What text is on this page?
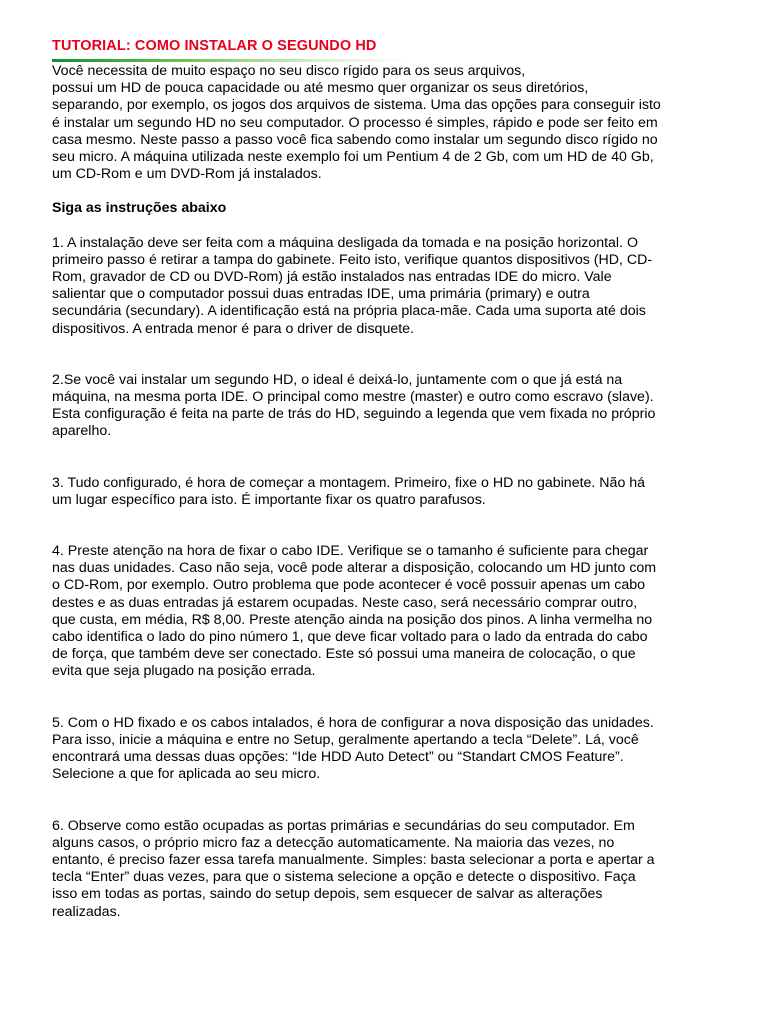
TUTORIAL: COMO INSTALAR O SEGUNDO HD

Você necessita de muito espaço no seu disco rígido para os seus arquivos,
possui um HD de pouca capacidade ou até mesmo quer organizar os seus diretórios,
separando, por exemplo, os jogos dos arquivos de sistema. Uma das opções para conseguir isto
é instalar um segundo HD no seu computador. O processo é simples, rápido e pode ser feito em
casa mesmo. Neste passo a passo você fica sabendo como instalar um segundo disco rígido no
seu micro. A máquina utilizada neste exemplo foi um Pentium 4 de 2 Gb, com um HD de 40 Gb,
um CD-Rom e um DVD-Rom já instalados.

Siga as instruções abaixo

1. A instalação deve ser feita com a máquina desligada da tomada e na posição horizontal. O
primeiro passo é retirar a tampa do gabinete. Feito isto, verifique quantos dispositivos (HD, CD-
Rom, gravador de CD ou DVD-Rom) já estão instalados nas entradas IDE do micro. Vale
salientar que o computador possui duas entradas IDE, uma primária (primary) e outra
secundária (secundary). A identificação está na própria placa-mãe. Cada uma suporta até dois
dispositivos. A entrada menor é para o driver de disquete.

2.Se você vai instalar um segundo HD, o ideal é deixá-lo, juntamente com o que já está na
máquina, na mesma porta IDE. O principal como mestre (master) e outro como escravo (slave).
Esta configuração é feita na parte de trás do HD, seguindo a legenda que vem fixada no próprio
aparelho.

3. Tudo configurado, é hora de começar a montagem. Primeiro, fixe o HD no gabinete. Não há
um lugar específico para isto. É importante fixar os quatro parafusos.

4. Preste atenção na hora de fixar o cabo IDE. Verifique se o tamanho é suficiente para chegar
nas duas unidades. Caso não seja, você pode alterar a disposição, colocando um HD junto com
o CD-Rom, por exemplo. Outro problema que pode acontecer é você possuir apenas um cabo
destes e as duas entradas já estarem ocupadas. Neste caso, será necessário comprar outro,
que custa, em média, R$ 8,00. Preste atenção ainda na posição dos pinos. A linha vermelha no
cabo identifica o lado do pino número 1, que deve ficar voltado para o lado da entrada do cabo
de força, que também deve ser conectado. Este só possui uma maneira de colocação, o que
evita que seja plugado na posição errada.

5. Com o HD fixado e os cabos intalados, é hora de configurar a nova disposição das unidades.
Para isso, inicie a máquina e entre no Setup, geralmente apertando a tecla “Delete”. Lá, você
encontrará uma dessas duas opções: “Ide HDD Auto Detect” ou “Standart CMOS Feature”.
Selecione a que for aplicada ao seu micro.

6. Observe como estão ocupadas as portas primárias e secundárias do seu computador. Em
alguns casos, o próprio micro faz a detecção automaticamente. Na maioria das vezes, no
entanto, é preciso fazer essa tarefa manualmente. Simples: basta selecionar a porta e apertar a
tecla “Enter” duas vezes, para que o sistema selecione a opção e detecte o dispositivo. Faça
isso em todas as portas, saindo do setup depois, sem esquecer de salvar as alterações
realizadas.
